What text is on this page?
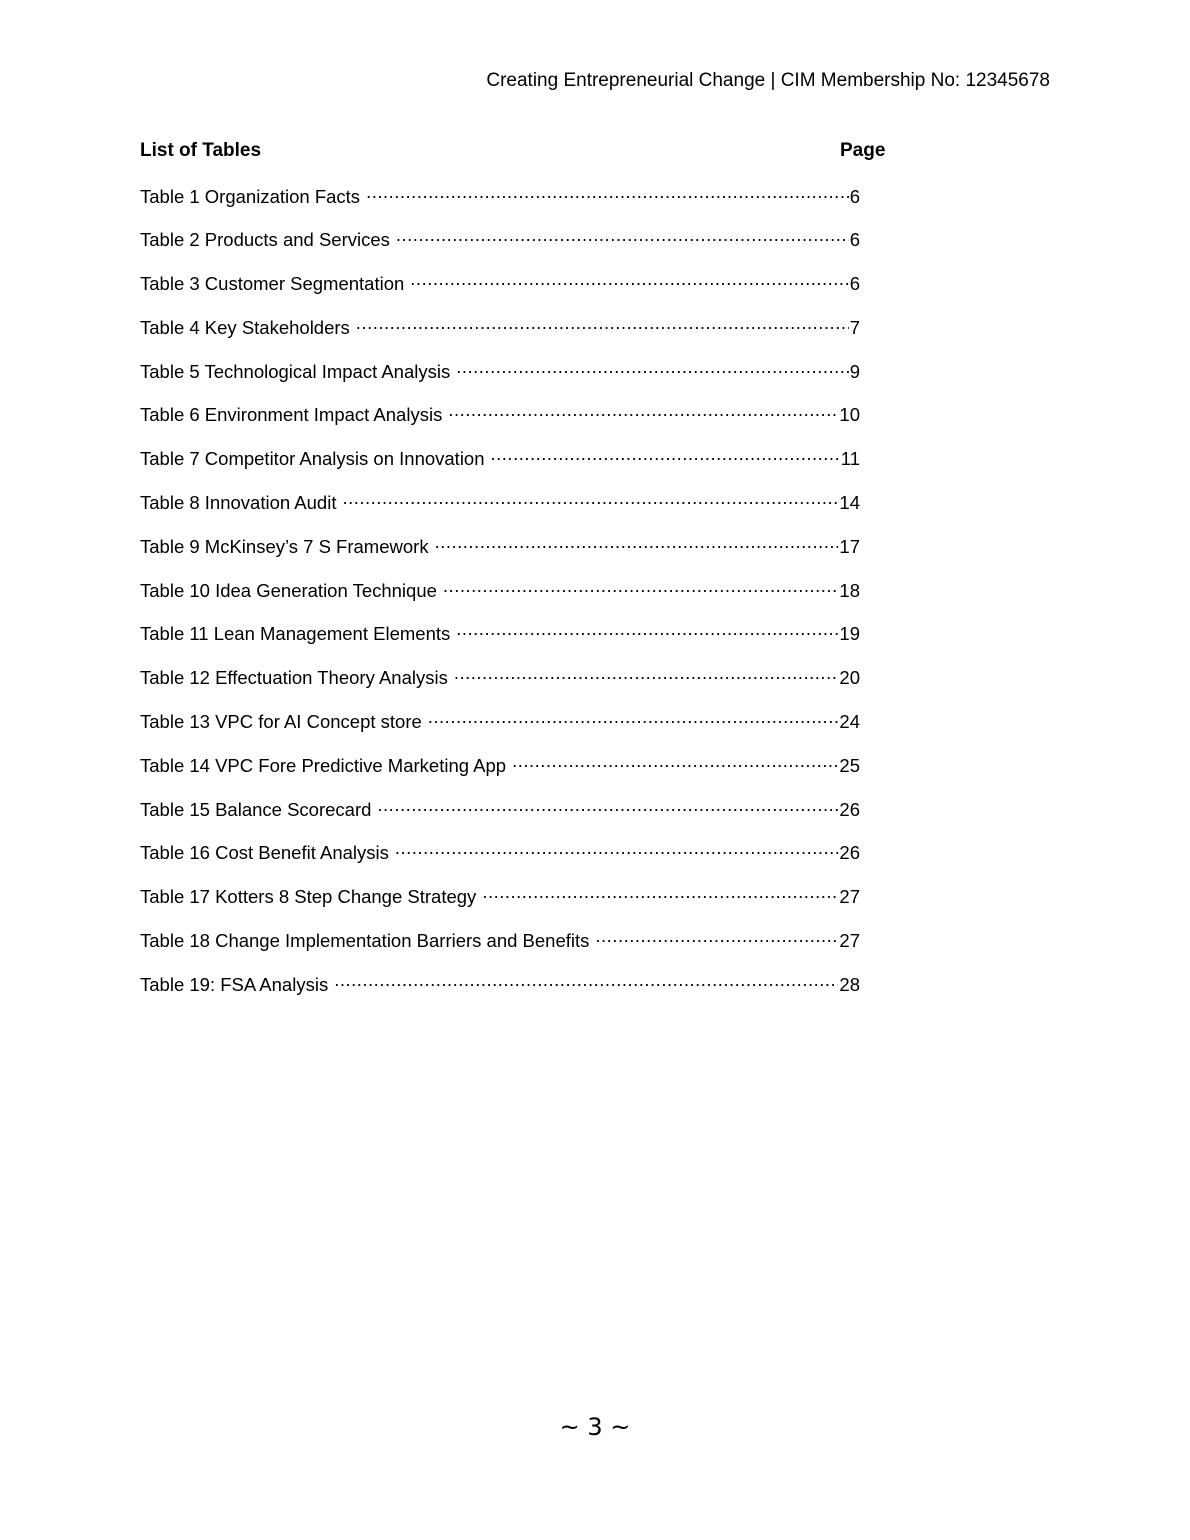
Creating Entrepreneurial Change | CIM Membership No: 12345678
List of Tables	Page
Table 1 Organization Facts .....	6
Table 2 Products and Services .....	6
Table 3 Customer Segmentation .....	6
Table 4 Key Stakeholders .....	7
Table 5 Technological Impact Analysis .....	9
Table 6 Environment Impact Analysis .....	10
Table 7 Competitor Analysis on Innovation .....	11
Table 8 Innovation Audit .....	14
Table 9 McKinsey’s 7 S Framework .....	17
Table 10 Idea Generation Technique .....	18
Table 11 Lean Management Elements .....	19
Table 12 Effectuation Theory Analysis .....	20
Table 13 VPC for AI Concept store .....	24
Table 14 VPC Fore Predictive Marketing App .....	25
Table 15 Balance Scorecard .....	26
Table 16 Cost Benefit Analysis .....	26
Table 17 Kotters 8 Step Change Strategy .....	27
Table 18 Change Implementation Barriers and Benefits .....	27
Table 19: FSA Analysis .....	28
~ 3 ~
